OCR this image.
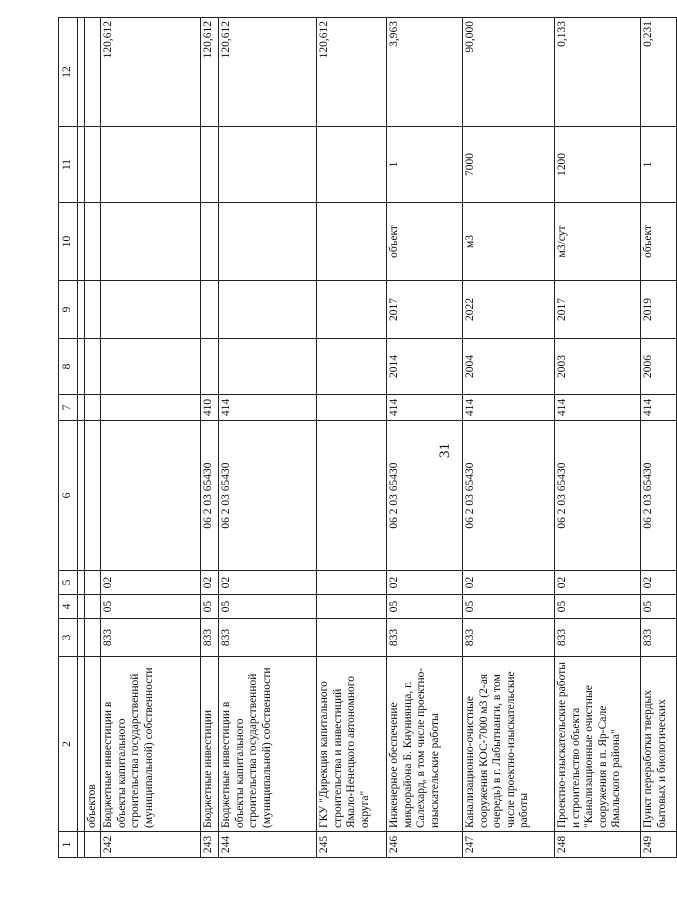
31
1	2	3	4	5	6	7	8	9	10	11	12

	объектов										
242	Бюджетные инвестиции в объекты капитального строительства государственной (муниципальной) собственности	833	05	02							120,612
243	Бюджетные инвестиции	833	05	02	06 2 03 65430	410					120,612
244	Бюджетные инвестиции в объекты капитального строительства государственной (муниципальной) собственности	833	05	02	06 2 03 65430	414					120,612
245	ГКУ "Дирекция капитального строительства и инвестиций Ямало-Ненецкого автономного округа"										120,612
246	Инженерное обеспечение микрорайона Б. Кнуниянца, г. Салехард, в том числе проектно-изыскательские работы	833	05	02	06 2 03 65430	414	2014	2017	объект	1	3,963
247	Канализационно-очистные сооружения КОС-7000 м3 (2-ая очередь) в г. Лабытнанги, в том числе проектно-изыскательские работы	833	05	02	06 2 03 65430	414	2004	2022	м3	7000	90,000
248	Проектно-изыскательские работы и строительство объекта "Канализационные очистные сооружения в п. Яр-Сале Ямальского района"	833	05	02	06 2 03 65430	414	2003	2017	м3/сут	1200	0,133
249	Пункт переработки твердых бытовых и биологических	833	05	02	06 2 03 65430	414	2006	2019	объект	1	0,231
